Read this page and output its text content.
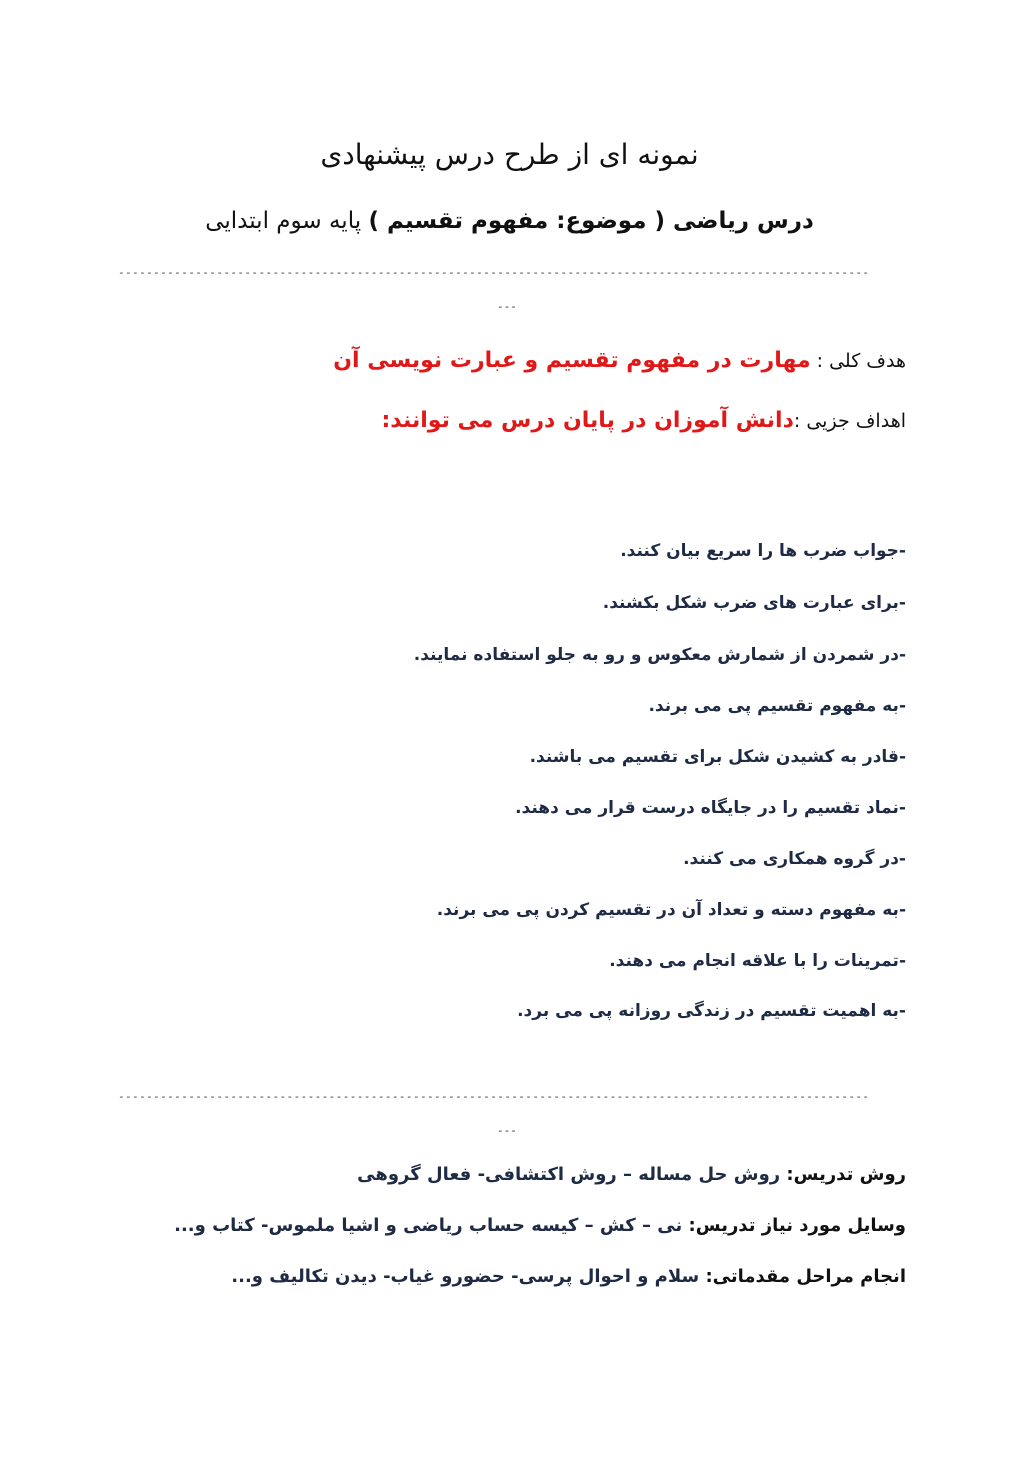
نمونه ای از طرح درس پیشنهادی
درس ریاضی ( موضوع: مفهوم تقسیم ) پایه سوم ابتدایی
-----------------------------------------------------------------------------------------------------------
---
هدف کلی : مهارت در مفهوم تقسیم و عبارت نویسی آن
اهداف جزیی :دانش آموزان در پایان درس می توانند:
-جواب ضرب ها را سریع بیان کنند.
-برای عبارت های ضرب شکل بکشند.
-در شمردن از شمارش معکوس و رو به جلو استفاده نمایند.
-به مفهوم تقسیم پی می برند.
-قادر به کشیدن شکل برای تقسیم می باشند.
-نماد تقسیم را در جایگاه درست قرار می دهند.
-در گروه همکاری می کنند.
-به مفهوم دسته و تعداد آن در تقسیم کردن پی می برند.
-تمرینات را با علاقه انجام می دهند.
-به اهمیت تقسیم در زندگی روزانه پی می برد.
-----------------------------------------------------------------------------------------------------------
---
روش تدریس: روش حل مساله – روش اکتشافی- فعال گروهی
وسایل مورد نیاز تدریس: نی – کش – کیسه حساب ریاضی و اشیا ملموس- کتاب و...
انجام مراحل مقدماتی: سلام و احوال پرسی- حضورو غیاب- دیدن تکالیف و...
